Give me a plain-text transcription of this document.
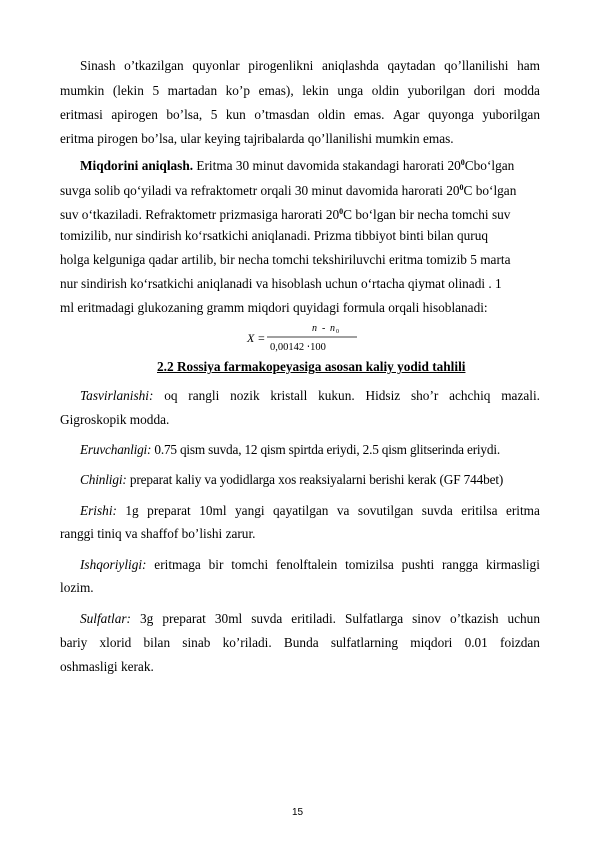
Sinash o’tkazilgan quyonlar pirogenlikni aniqlashda qaytadan qo’llanilishi ham
mumkin (lekin 5 martadan ko’p emas), lekin unga oldin yuborilgan dori modda
eritmasi apirogen bo’lsa, 5 kun o’tmasdan oldin emas. Agar quyonga yuborilgan
eritma pirogen bo’lsa, ular keying tajribalarda qo’llanilishi mumkin emas.
Miqdorini aniqlash. Eritma 30 minut davomida stakandagi harorati $20^0Cbo‘lgan$
suvga solib qo‘yiladi va refraktometr orqali 30 minut davomida harorati $20^0C$ bo‘lgan
suv o‘tkaziladi. Refraktometr prizmasiga harorati $20^0C$ bo‘lgan bir necha tomchi suv
tomizilib, nur sindirish ko‘rsatkichi aniqlanadi. Prizma tibbiyot binti bilan quruq
holga kelguniga qadar artilib, bir necha tomchi tekshiriluvchi eritma tomizib 5 marta
nur sindirish ko‘rsatkichi aniqlanadi va hisoblash uchun o‘rtacha qiymat olinadi . 1
ml eritmadagi glukozaning gramm miqdori quyidagi formula orqali hisoblanadi:
X =
n - n 0
0,00142 ⋅100
2.2 Rossiya farmakopeyasiga asosan kaliy yodid tahlili
Tasvirlanishi: oq rangli nozik kristall kukun. Hidsiz sho’r achchiq mazali.
Gigroskopik modda.
Eruvchanligi: 0.75 qism suvda, 12 qism spirtda eriydi, 2.5 qism glitserinda eriydi.
Chinligi: preparat kaliy va yodidlarga xos reaksiyalarni berishi kerak (GF 744bet)
Erishi: 1g preparat 10ml yangi qayatilgan va sovutilgan suvda eritilsa eritma
ranggi tiniq va shaffof bo’lishi zarur.
Ishqoriyligi: eritmaga bir tomchi fenolftalein tomizilsa pushti rangga kirmasligi
lozim.
Sulfatlar: 3g preparat 30ml suvda eritiladi. Sulfatlarga sinov o’tkazish uchun
bariy xlorid bilan sinab ko’riladi. Bunda sulfatlarning miqdori 0.01 foizdan
oshmasligi kerak.
15
